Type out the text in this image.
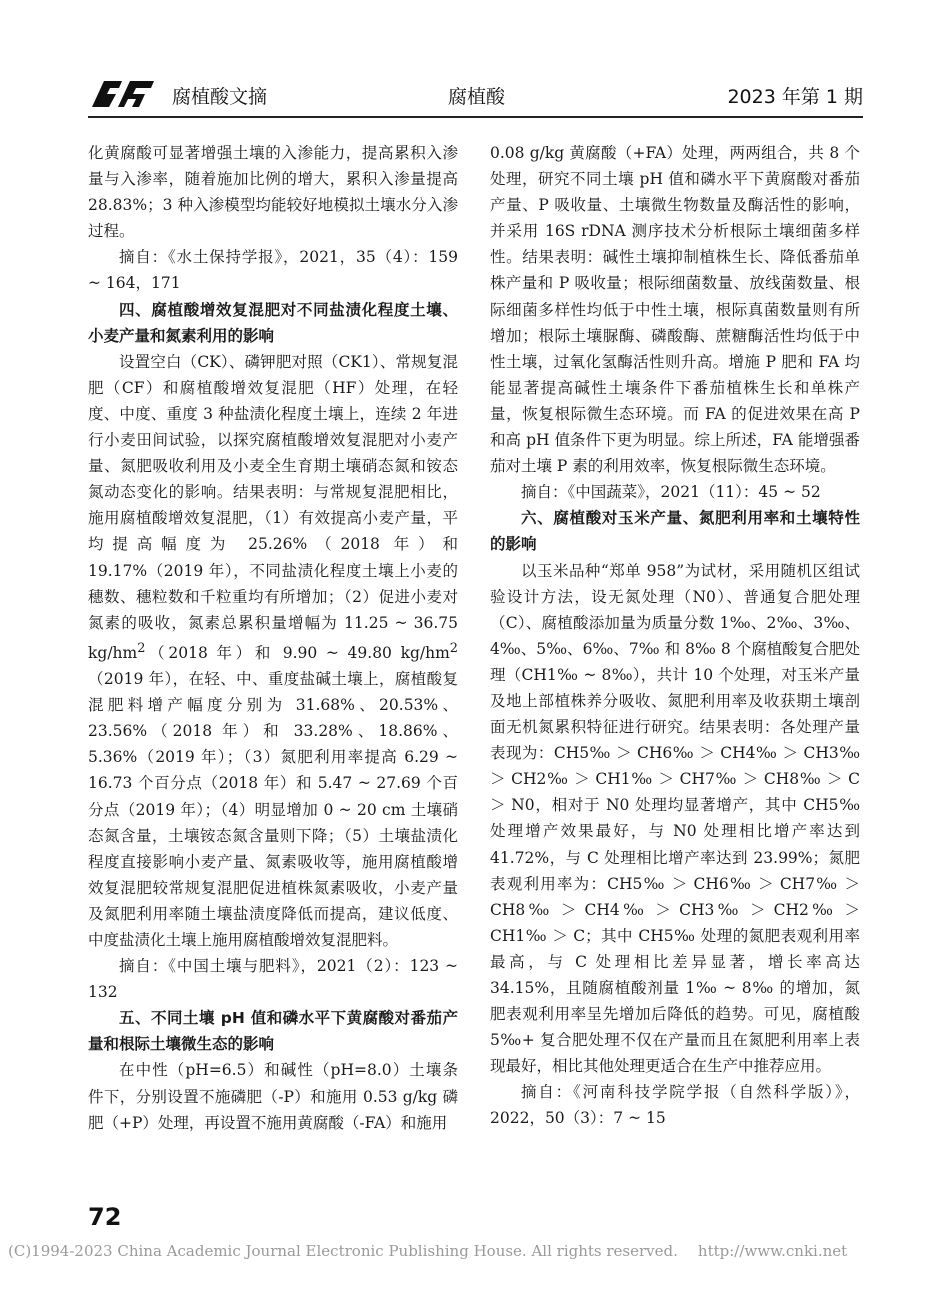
腐植酸文摘	腐植酸	2023 年第 1 期

化黄腐酸可显著增强土壤的入渗能力，提高累积入渗量与入渗率，随着施加比例的增大，累积入渗量提高 28.83%；3 种入渗模型均能较好地模拟土壤水分入渗过程。

摘自：《水土保持学报》，2021，35（4）：159 ~ 164，171

四、腐植酸增效复混肥对不同盐渍化程度土壤、小麦产量和氮素利用的影响

设置空白（CK）、磷钾肥对照（CK1）、常规复混肥（CF）和腐植酸增效复混肥（HF）处理，在轻度、中度、重度 3 种盐渍化程度土壤上，连续 2 年进行小麦田间试验，以探究腐植酸增效复混肥对小麦产量、氮肥吸收利用及小麦全生育期土壤硝态氮和铵态氮动态变化的影响。结果表明：与常规复混肥相比，施用腐植酸增效复混肥，（1）有效提高小麦产量，平均提高幅度为 25.26%（2018 年）和 19.17%（2019 年），不同盐渍化程度土壤上小麦的穗数、穗粒数和千粒重均有所增加；（2）促进小麦对氮素的吸收，氮素总累积量增幅为 11.25 ~ 36.75 $kg/hm^2(2018$ 年）和 9.90 ~ 49.80 $kg/hm^2(2019$ 年），在轻、中、重度盐碱土壤上，腐植酸复混肥料增产幅度分别为 31.68%、20.53%、23.56%（2018 年）和 33.28%、18.86%、5.36%（2019 年）；（3）氮肥利用率提高 6.29 ~ 16.73 个百分点（2018 年）和 5.47 ~ 27.69 个百分点（2019 年）；（4）明显增加 0 ~ 20 cm 土壤硝态氮含量，土壤铵态氮含量则下降；（5）土壤盐渍化程度直接影响小麦产量、氮素吸收等，施用腐植酸增效复混肥较常规复混肥促进植株氮素吸收，小麦产量及氮肥利用率随土壤盐渍度降低而提高，建议低度、中度盐渍化土壤上施用腐植酸增效复混肥料。

摘自：《中国土壤与肥料》，2021（2）：123 ~ 132

五、不同土壤 pH 值和磷水平下黄腐酸对番茄产量和根际土壤微生态的影响

在中性（pH=6.5）和碱性（pH=8.0）土壤条件下，分别设置不施磷肥（-P）和施用 0.53 g/kg 磷肥（+P）处理，再设置不施用黄腐酸（-FA）和施用

0.08 g/kg 黄腐酸（+FA）处理，两两组合，共 8 个处理，研究不同土壤 pH 值和磷水平下黄腐酸对番茄产量、P 吸收量、土壤微生物数量及酶活性的影响，并采用 16S rDNA 测序技术分析根际土壤细菌多样性。结果表明：碱性土壤抑制植株生长、降低番茄单株产量和 P 吸收量；根际细菌数量、放线菌数量、根际细菌多样性均低于中性土壤，根际真菌数量则有所增加；根际土壤脲酶、磷酸酶、蔗糖酶活性均低于中性土壤，过氧化氢酶活性则升高。增施 P 肥和 FA 均能显著提高碱性土壤条件下番茄植株生长和单株产量，恢复根际微生态环境。而 FA 的促进效果在高 P 和高 pH 值条件下更为明显。综上所述，FA 能增强番茄对土壤 P 素的利用效率，恢复根际微生态环境。

摘自：《中国蔬菜》，2021（11）：45 ~ 52

六、腐植酸对玉米产量、氮肥利用率和土壤特性的影响

以玉米品种“郑单 958”为试材，采用随机区组试验设计方法，设无氮处理（N0）、普通复合肥处理（C）、腐植酸添加量为质量分数 1‰、2‰、3‰、4‰、5‰、6‰、7‰ 和 8‰ 8 个腐植酸复合肥处理（CH1‰ ~ 8‰），共计 10 个处理，对玉米产量及地上部植株养分吸收、氮肥利用率及收获期土壤剖面无机氮累积特征进行研究。结果表明：各处理产量表现为：CH5‰ ＞ CH6‰ ＞ CH4‰ ＞ CH3‰ ＞ CH2‰ ＞ CH1‰ ＞ CH7‰ ＞ CH8‰ ＞ C ＞ N0，相对于 N0 处理均显著增产，其中 CH5‰ 处理增产效果最好，与 N0 处理相比增产率达到 41.72%，与 C 处理相比增产率达到 23.99%；氮肥表观利用率为：CH5‰ ＞ CH6‰ ＞ CH7‰ ＞ CH8‰ ＞ CH4‰ ＞ CH3‰ ＞ CH2‰ ＞ CH1‰ ＞ C；其中 CH5‰ 处理的氮肥表观利用率最高，与 C 处理相比差异显著，增长率高达 34.15%，且随腐植酸剂量 1‰ ~ 8‰ 的增加，氮肥表观利用率呈先增加后降低的趋势。可见，腐植酸 5‰+ 复合肥处理不仅在产量而且在氮肥利用率上表现最好，相比其他处理更适合在生产中推荐应用。

摘自：《河南科技学院学报（自然科学版）》，2022，50（3）：7 ~ 15

72
(C)1994-2023 China Academic Journal Electronic Publishing House. All rights reserved. http://www.cnki.net
